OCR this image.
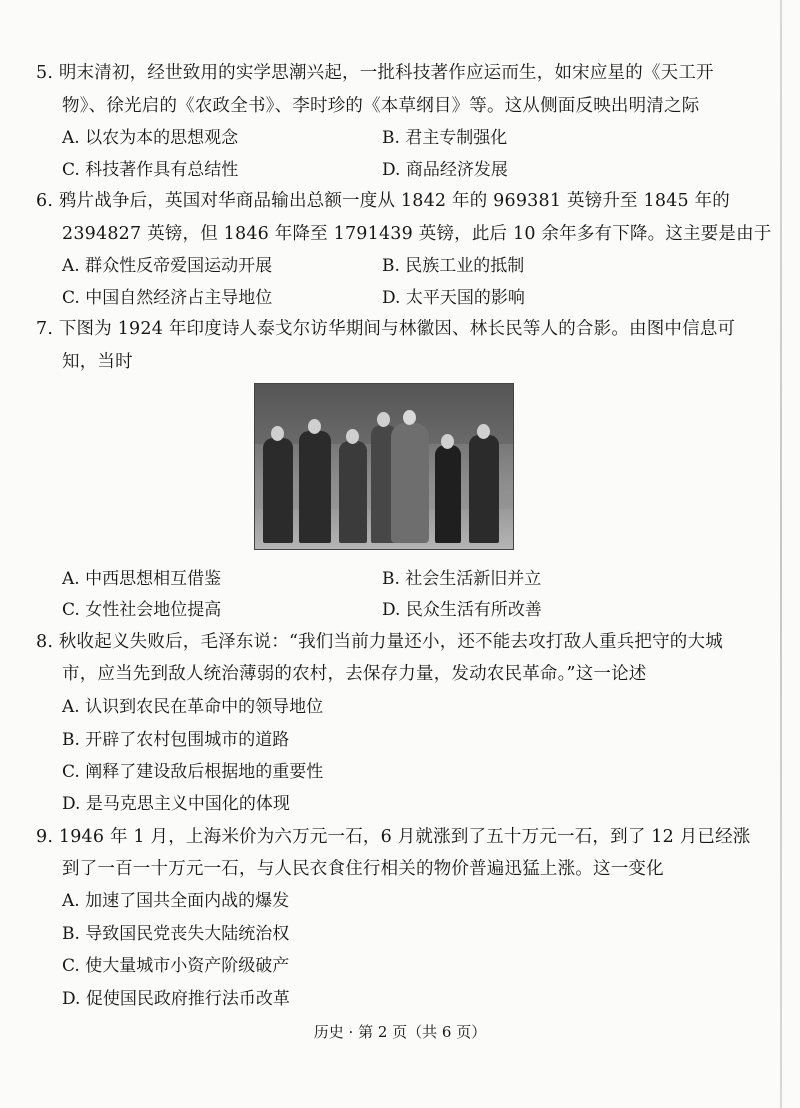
5. 明末清初，经世致用的实学思潮兴起，一批科技著作应运而生，如宋应星的《天工开
物》、徐光启的《农政全书》、李时珍的《本草纲目》等。这从侧面反映出明清之际
A. 以农为本的思想观念	B. 君主专制强化
C. 科技著作具有总结性	D. 商品经济发展
6. 鸦片战争后，英国对华商品输出总额一度从 1842 年的 969381 英镑升至 1845 年的
2394827 英镑，但 1846 年降至 1791439 英镑，此后 10 余年多有下降。这主要是由于
A. 群众性反帝爱国运动开展	B. 民族工业的抵制
C. 中国自然经济占主导地位	D. 太平天国的影响
7. 下图为 1924 年印度诗人泰戈尔访华期间与林徽因、林长民等人的合影。由图中信息可
知，当时
A. 中西思想相互借鉴	B. 社会生活新旧并立
C. 女性社会地位提高	D. 民众生活有所改善
8. 秋收起义失败后，毛泽东说：“我们当前力量还小，还不能去攻打敌人重兵把守的大城
市，应当先到敌人统治薄弱的农村，去保存力量，发动农民革命。”这一论述
A. 认识到农民在革命中的领导地位
B. 开辟了农村包围城市的道路
C. 阐释了建设敌后根据地的重要性
D. 是马克思主义中国化的体现
9. 1946 年 1 月，上海米价为六万元一石，6 月就涨到了五十万元一石，到了 12 月已经涨
到了一百一十万元一石，与人民衣食住行相关的物价普遍迅猛上涨。这一变化
A. 加速了国共全面内战的爆发
B. 导致国民党丧失大陆统治权
C. 使大量城市小资产阶级破产
D. 促使国民政府推行法币改革
历史 · 第 2 页（共 6 页）
